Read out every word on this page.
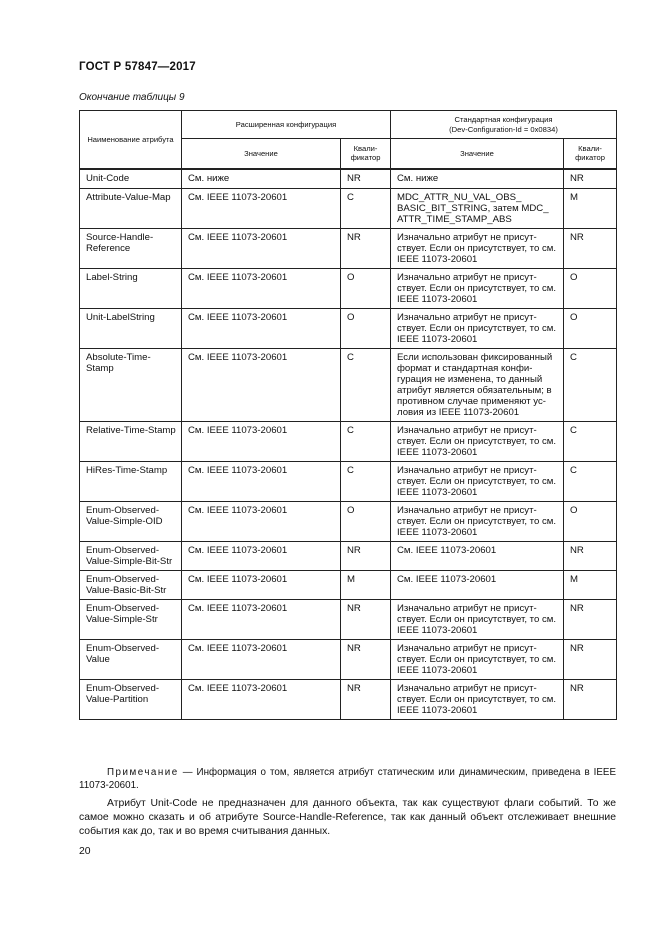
ГОСТ Р 57847—2017
Окончание таблицы 9
Наименование атрибута	Расширенная конфигурация		Стандартная конфигурация
(Dev-Configuration-Id = 0x0834)	
	Значение	Квали-фикатор	Значение	Квали-фикатор
Unit-Code	См. ниже	NR	См. ниже	NR
Attribute-Value-Map	См. IEEE 11073-20601	C	MDC_ATTR_NU_VAL_OBS_ BASIC_BIT_STRING, затем MDC_ ATTR_TIME_STAMP_ABS	M
Source-Handle-Reference	См. IEEE 11073-20601	NR	Изначально атрибут не присутствует. Если он присутствует, то см. IEEE 11073-20601	NR
Label-String	См. IEEE 11073-20601	O	Изначально атрибут не присутствует. Если он присутствует, то см. IEEE 11073-20601	O
Unit-LabelString	См. IEEE 11073-20601	O	Изначально атрибут не присутствует. Если он присутствует, то см. IEEE 11073-20601	O
Absolute-Time-Stamp	См. IEEE 11073-20601	C	Если использован фиксированный формат и стандартная конфигурация не изменена, то данный атрибут является обязательным; в противном случае применяют условия из IEEE 11073-20601	C
Relative-Time-Stamp	См. IEEE 11073-20601	C	Изначально атрибут не присутствует. Если он присутствует, то см. IEEE 11073-20601	C
HiRes-Time-Stamp	См. IEEE 11073-20601	C	Изначально атрибут не присутствует. Если он присутствует, то см. IEEE 11073-20601	C
Enum-Observed-Value-Simple-OID	См. IEEE 11073-20601	O	Изначально атрибут не присутствует. Если он присутствует, то см. IEEE 11073-20601	O
Enum-Observed-Value-Simple-Bit-Str	См. IEEE 11073-20601	NR	См. IEEE 11073-20601	NR
Enum-Observed-Value-Basic-Bit-Str	См. IEEE 11073-20601	M	См. IEEE 11073-20601	M
Enum-Observed-Value-Simple-Str	См. IEEE 11073-20601	NR	Изначально атрибут не присутствует. Если он присутствует, то см. IEEE 11073-20601	NR
Enum-Observed-Value	См. IEEE 11073-20601	NR	Изначально атрибут не присутствует. Если он присутствует, то см. IEEE 11073-20601	NR
Enum-Observed-Value-Partition	См. IEEE 11073-20601	NR	Изначально атрибут не присутствует. Если он присутствует, то см. IEEE 11073-20601	NR
Примечание — Информация о том, является атрибут статическим или динамическим, приведена в IEEE 11073-20601.
Атрибут Unit-Code не предназначен для данного объекта, так как существуют флаги событий. То же самое можно сказать и об атрибуте Source-Handle-Reference, так как данный объект отслеживает внешние события как до, так и во время считывания данных.
20
